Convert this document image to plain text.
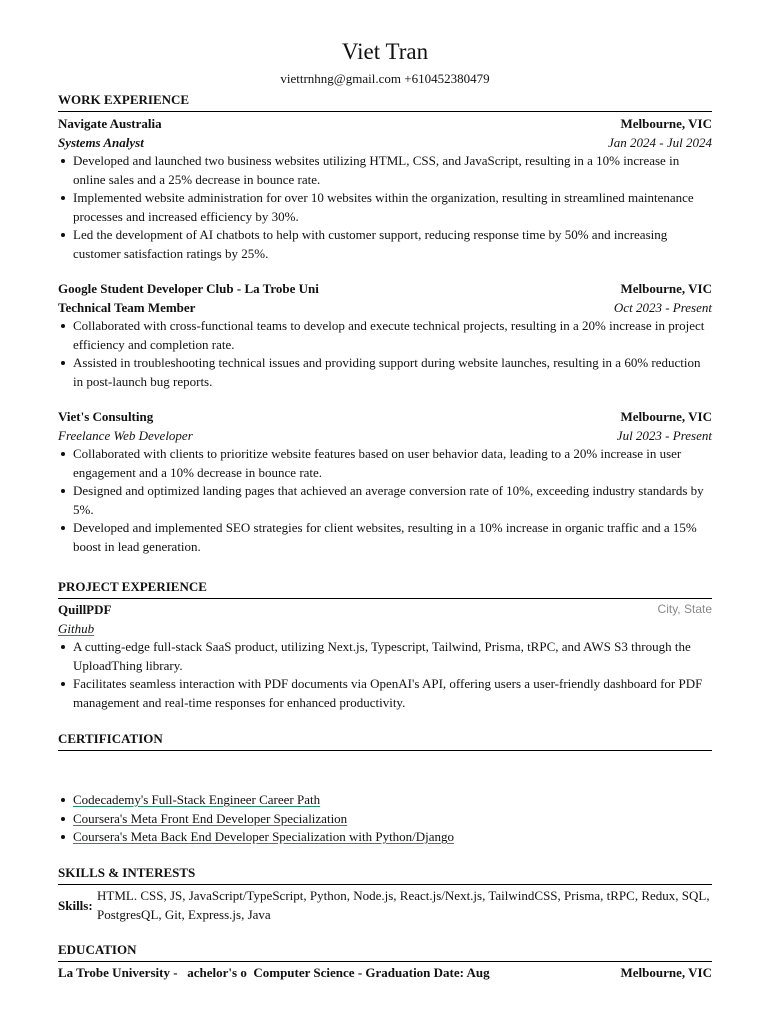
Viet Tran
viettrnhng@gmail.com +610452380479
WORK EXPERIENCE
Navigate Australia	Melbourne, VIC
Systems Analyst	Jan 2024 - Jul 2024
Developed and launched two business websites utilizing HTML, CSS, and JavaScript, resulting in a 10% increase in online sales and a 25% decrease in bounce rate.
Implemented website administration for over 10 websites within the organization, resulting in streamlined maintenance processes and increased efficiency by 30%.
Led the development of AI chatbots to help with customer support, reducing response time by 50% and increasing customer satisfaction ratings by 25%.
Google Student Developer Club - La Trobe Uni	Melbourne, VIC
Technical Team Member	Oct 2023 - Present
Collaborated with cross-functional teams to develop and execute technical projects, resulting in a 20% increase in project efficiency and completion rate.
Assisted in troubleshooting technical issues and providing support during website launches, resulting in a 60% reduction in post-launch bug reports.
Viet's Consulting	Melbourne, VIC
Freelance Web Developer	Jul 2023 - Present
Collaborated with clients to prioritize website features based on user behavior data, leading to a 20% increase in user engagement and a 10% decrease in bounce rate.
Designed and optimized landing pages that achieved an average conversion rate of 10%, exceeding industry standards by 5%.
Developed and implemented SEO strategies for client websites, resulting in a 10% increase in organic traffic and a 15% boost in lead generation.
PROJECT EXPERIENCE
QuillPDF	City, State
Github
A cutting-edge full-stack SaaS product, utilizing Next.js, Typescript, Tailwind, Prisma, tRPC, and AWS S3 through the UploadThing library.
Facilitates seamless interaction with PDF documents via OpenAI's API, offering users a user-friendly dashboard for PDF management and real-time responses for enhanced productivity.
CERTIFICATION
Codecademy's Full-Stack Engineer Career Path
Coursera's Meta Front End Developer Specialization
Coursera's Meta Back End Developer Specialization with Python/Django
SKILLS & INTERESTS
Skills:
HTML. CSS, JS, JavaScript/TypeScript, Python, Node.js, React.js/Next.js, TailwindCSS, Prisma, tRPC, Redux, SQL, PostgresQL, Git, Express.js, Java
EDUCATION
La Trobe University -   achelor's o  Computer Science - Graduation Date: Aug	Melbourne, VIC
